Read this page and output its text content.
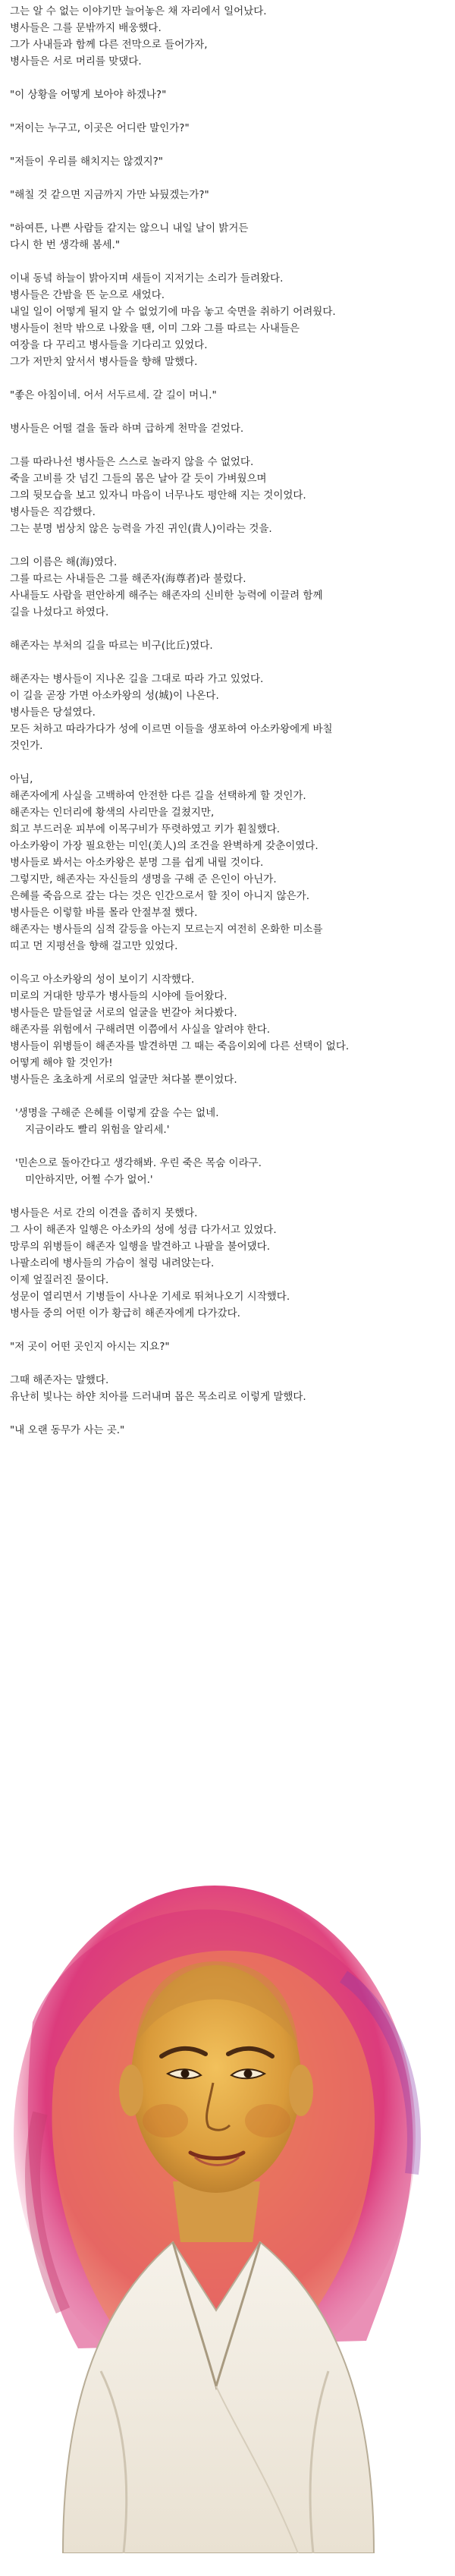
그는 알 수 없는 이야기만 늘어놓은 채 자리에서 일어났다.
병사들은 그를 문밖까지 배웅했다.
그가 사내들과 함께 다른 전막으로 들어가자,
병사들은 서로 머리를 맞댔다.
"이 상황을 어떻게 보아야 하겠나?"
"저이는 누구고, 이곳은 어디란 말인가?"
"저들이 우리를 해치지는 않겠지?"
"해칠 것 같으면 지금까지 가만 놔뒀겠는가?"
"하여튼, 나쁜 사람들 같지는 않으니 내일 날이 밝거든
다시 한 번 생각해 봄세."
이내 동녘 하늘이 밝아지며 새들이 지저기는 소리가 들려왔다.
병사들은 간밤을 뜬 눈으로 새었다.
내일 일이 어떻게 될지 알 수 없었기에 마음 놓고 숙면을 취하기 어려웠다.
병사들이 천막 밖으로 나왔을 땐, 이미 그와 그를 따르는 사내들은
여장을 다 꾸리고 병사들을 기다리고 있었다.
그가 저만치 앞서서 병사들을 향해 말했다.
"좋은 아침이네. 어서 서두르세. 갈 길이 머니."
병사들은 어떨 결을 돌라 하며 급하게 천막을 걷었다.
그를 따라나선 병사들은 스스로 놀라지 않을 수 없었다.
죽을 고비를 갓 넘긴 그들의 몸은 날아 갈 듯이 가벼웠으며
그의 뒷모습을 보고 있자니 마음이 너무나도 평안해 지는 것이었다.
병사들은 직감했다.
그는 분명 범상치 않은 능력을 가진 귀인(貴人)이라는 것을.
그의 이름은 해(海)였다.
그를 따르는 사내들은 그를 해존자(海尊者)라 불렀다.
사내들도 사람을 편안하게 해주는 해존자의 신비한 능력에 이끌려 함께
길을 나섰다고 하였다.
해존자는 부처의 길을 따르는 비구(比丘)였다.
해존자는 병사들이 지나온 길을 그대로 따라 가고 있었다.
이 길을 곧장 가면 아소카왕의 성(城)이 나온다.
병사들은 당설였다.
모든 처하고 따라가다가 성에 이르면 이들을 생포하여 아소카왕에게 바칠
것인가.
아님,
해존자에게 사실을 고백하여 안전한 다른 길을 선택하게 할 것인가.
해존자는 인더리에 황색의 사리만을 걸쳤지만,
희고 부드러운 피부에 이목구비가 뚜렷하였고 키가 훤칠했다.
아소카왕이 가장 필요한는 미인(美人)의 조건을 완벽하게 갖춘이였다.
병사들로 봐서는 아소카왕은 분명 그를 쉽게 내릴 것이다.
그렇지만, 해존자는 자신들의 생명을 구해 준 은인이 아닌가.
은혜를 죽음으로 갚는 다는 것은 인간으로서 할 짓이 아니지 않은가.
병사들은 이렇할 바를 몰라 안절부절 했다.
해존자는 병사들의 심적 갈등을 아는지 모르는지 여전히 온화한 미소를
띠고 먼 지평선을 향해 걸고만 있었다.
이윽고 아소카왕의 성이 보이기 시작했다.
미로의 거대한 망루가 병사들의 시야에 들어왔다.
병사들은 말들얼굴 서로의 얼굴을 번갈아 쳐다봤다.
해존자를 위험에서 구해려면 이쯤에서 사실을 알려야 한다.
병사들이 위병들이 해존자를 발견하면 그 때는 죽음이외에 다른 선택이 없다.
어떻게 해야 할 것인가!
병사들은 초초하게 서로의 얼굴만 쳐다볼 뿐이었다.
'생명을 구해준 은혜를 이렇게 갚을 수는 없네.
지금이라도 빨리 위험을 알리세.'
'민손으로 돌아간다고 생각해봐. 우린 죽은 목숨 이라구.
미안하지만, 어쩔 수가 없어.'
병사들은 서로 간의 이견을 좁히지 못했다.
그 사이 해존자 일행은 아소카의 성에 성큼 다가서고 있었다.
망루의 위병들이 해존자 일행을 발견하고 나팔을 불어댔다.
나팔소리에 병사들의 가슴이 철렁 내려앉는다.
이제 엎질러진 물이다.
성문이 열리면서 기병들이 사나운 기세로 뛰쳐나오기 시작했다.
병사들 중의 어떤 이가 황급히 해존자에게 다가갔다.
"저 곳이 어떤 곳인지 아시는 지요?"
그때 해존자는 말했다.
유난히 빛나는 하얀 치아를 드러내며 몹은 목소리로 이렇게 말했다.
"내 오랜 동무가 사는 곳."
